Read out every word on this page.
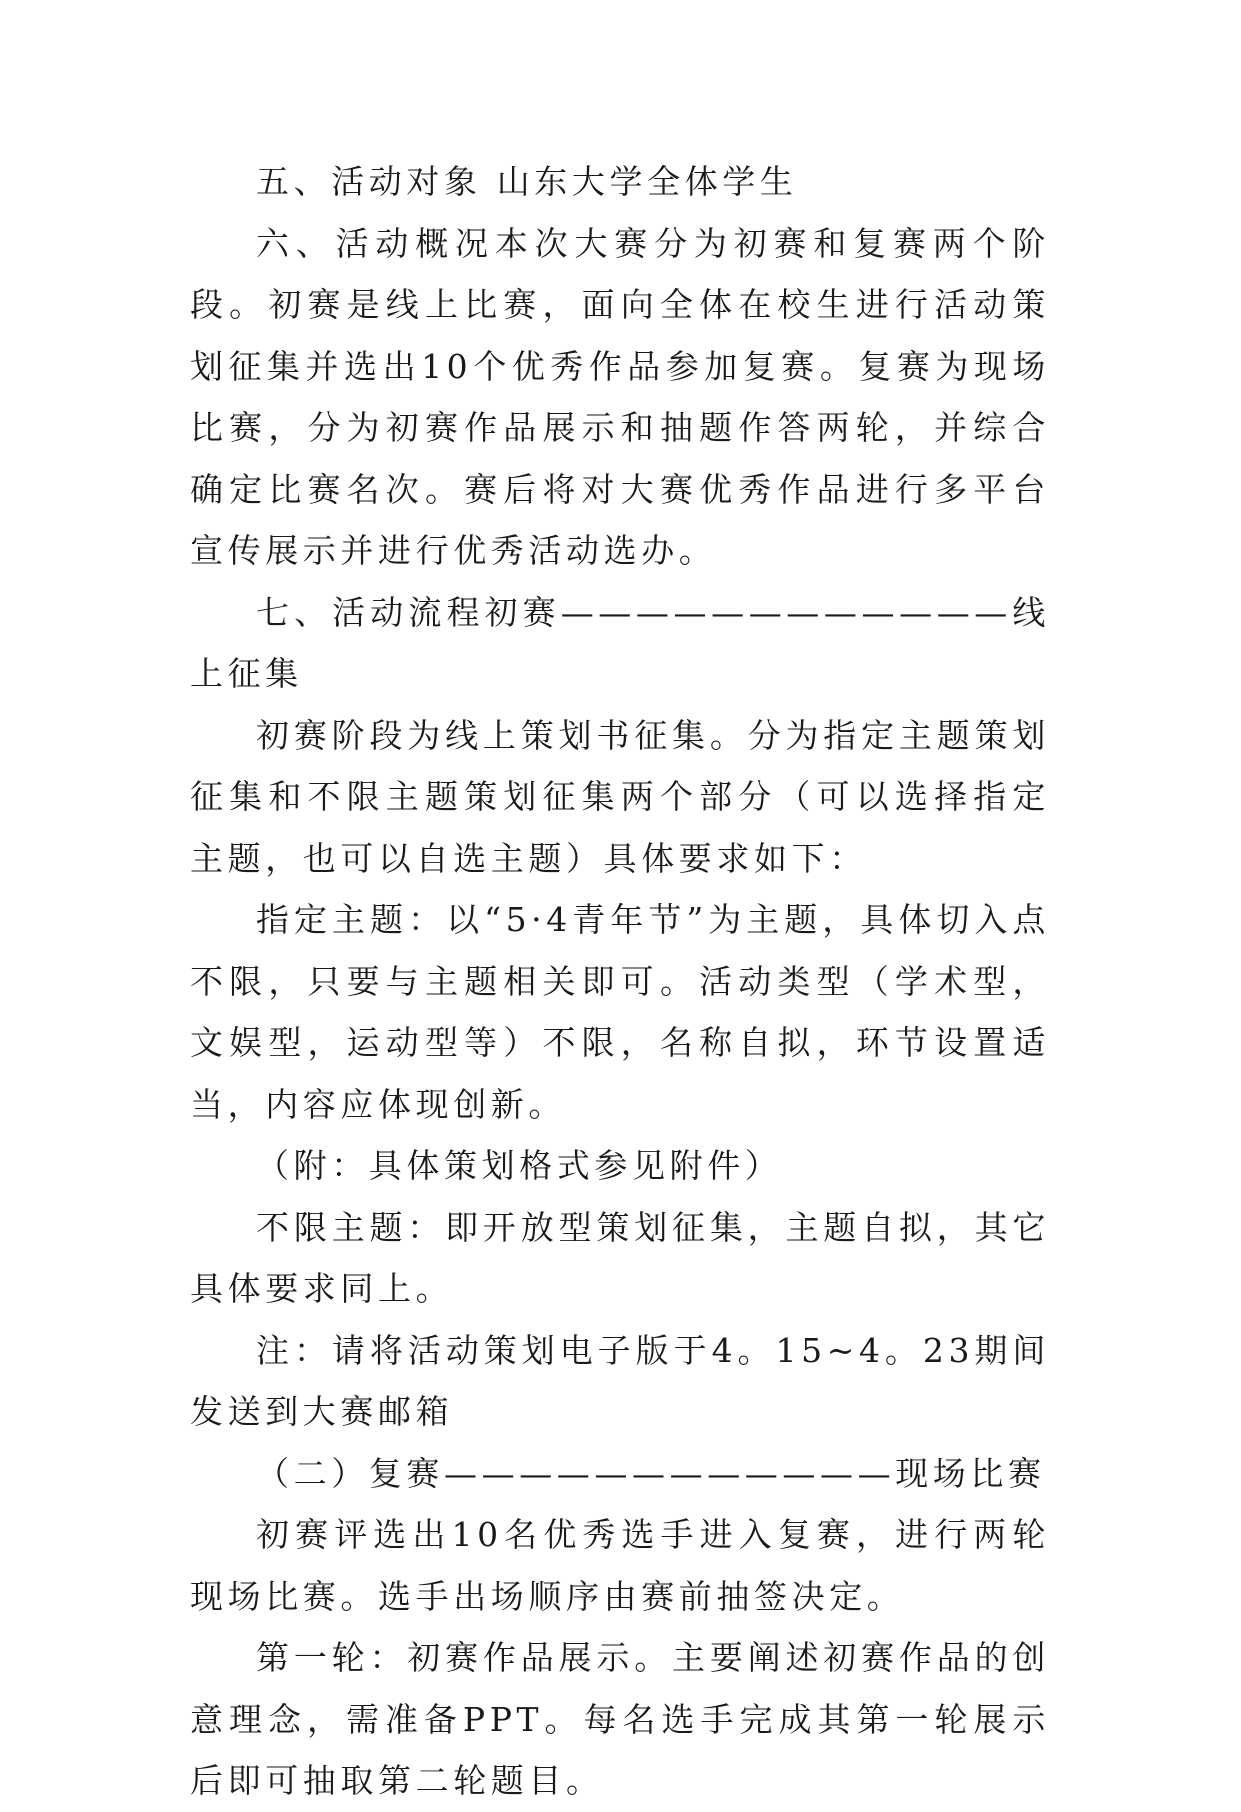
五、活动对象 山东大学全体学生

六、活动概况本次大赛分为初赛和复赛两个阶段。初赛是线上比赛，面向全体在校生进行活动策划征集并选出10个优秀作品参加复赛。复赛为现场比赛，分为初赛作品展示和抽题作答两轮，并综合确定比赛名次。赛后将对大赛优秀作品进行多平台宣传展示并进行优秀活动选办。

七、活动流程初赛————————————线上征集

初赛阶段为线上策划书征集。分为指定主题策划征集和不限主题策划征集两个部分（可以选择指定主题，也可以自选主题）具体要求如下：

指定主题：以“5·4青年节”为主题，具体切入点不限，只要与主题相关即可。活动类型（学术型，文娱型，运动型等）不限，名称自拟，环节设置适当，内容应体现创新。

（附：具体策划格式参见附件）

不限主题：即开放型策划征集，主题自拟，其它具体要求同上。

注：请将活动策划电子版于4。15~4。23期间发送到大赛邮箱

（二）复赛————————————现场比赛

初赛评选出10名优秀选手进入复赛，进行两轮现场比赛。选手出场顺序由赛前抽签决定。

第一轮：初赛作品展示。主要阐述初赛作品的创意理念，需准备PPT。每名选手完成其第一轮展示后即可抽取第二轮题目。
